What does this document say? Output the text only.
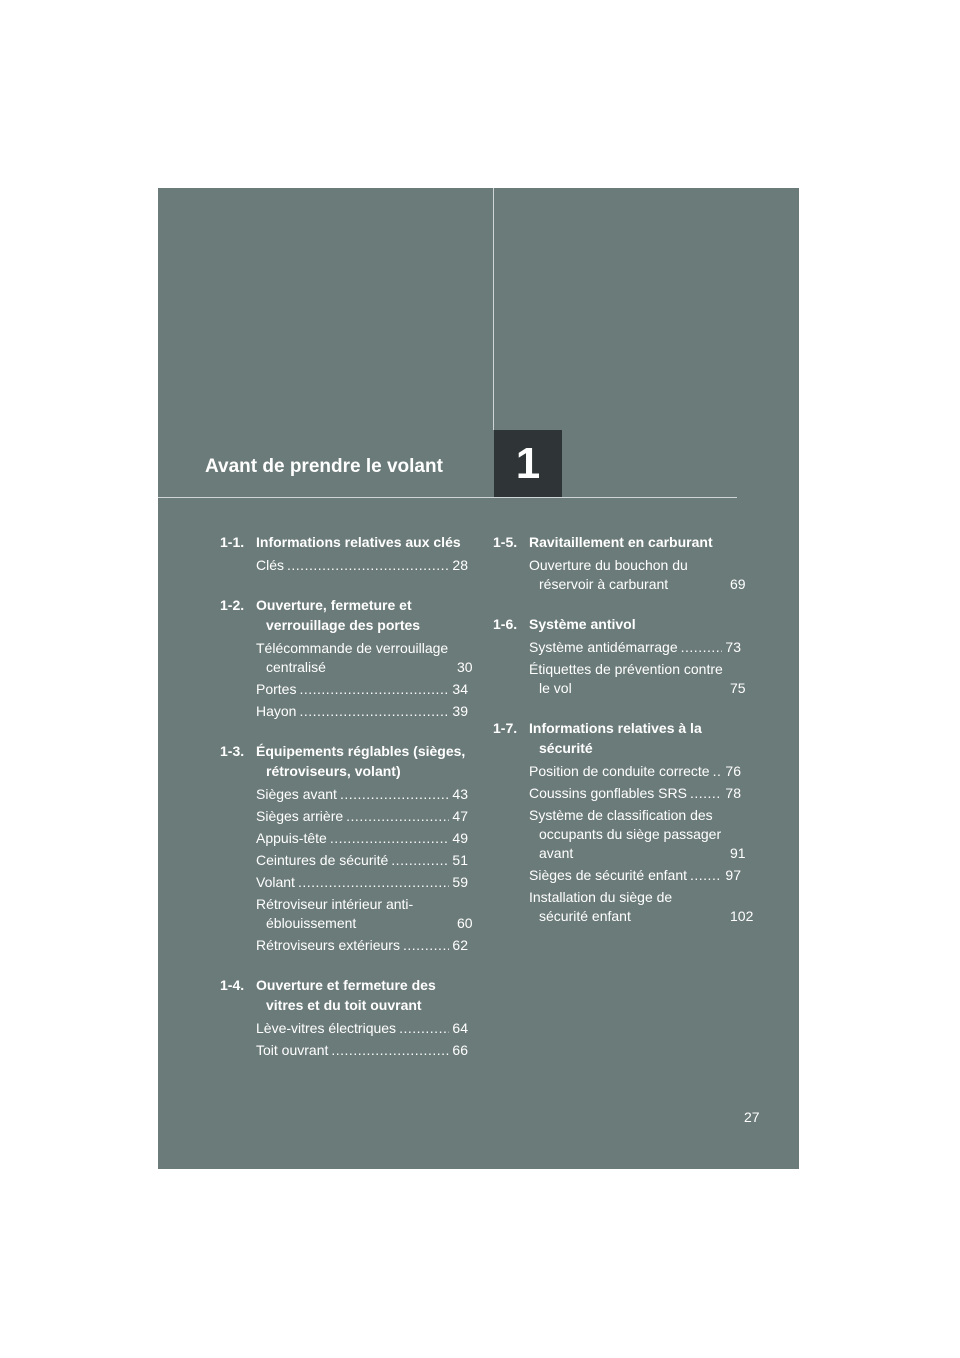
Avant de prendre le volant 1
1-1. Informations relatives aux clés
Clés .....	28
1-2. Ouverture, fermeture et verrouillage des portes
Télécommande de verrouillage centralisé	30
Portes .....	34
Hayon .....	39
1-3. Équipements réglables (sièges, rétroviseurs, volant)
Sièges avant .....	43
Sièges arrière .....	47
Appuis-tête .....	49
Ceintures de sécurité .....	51
Volant .....	59
Rétroviseur intérieur anti-éblouissement	60
Rétroviseurs extérieurs .....	62
1-4. Ouverture et fermeture des vitres et du toit ouvrant
Lève-vitres électriques .....	64
Toit ouvrant .....	66
1-5. Ravitaillement en carburant
Ouverture du bouchon du réservoir à carburant	69
1-6. Système antivol
Système antidémarrage .....	73
Étiquettes de prévention contre le vol	75
1-7. Informations relatives à la sécurité
Position de conduite correcte ..... 76
Coussins gonflables SRS .....	78
Système de classification des occupants du siège passager avant	91
Sièges de sécurité enfant .....	97
Installation du siège de sécurité enfant	102
27
